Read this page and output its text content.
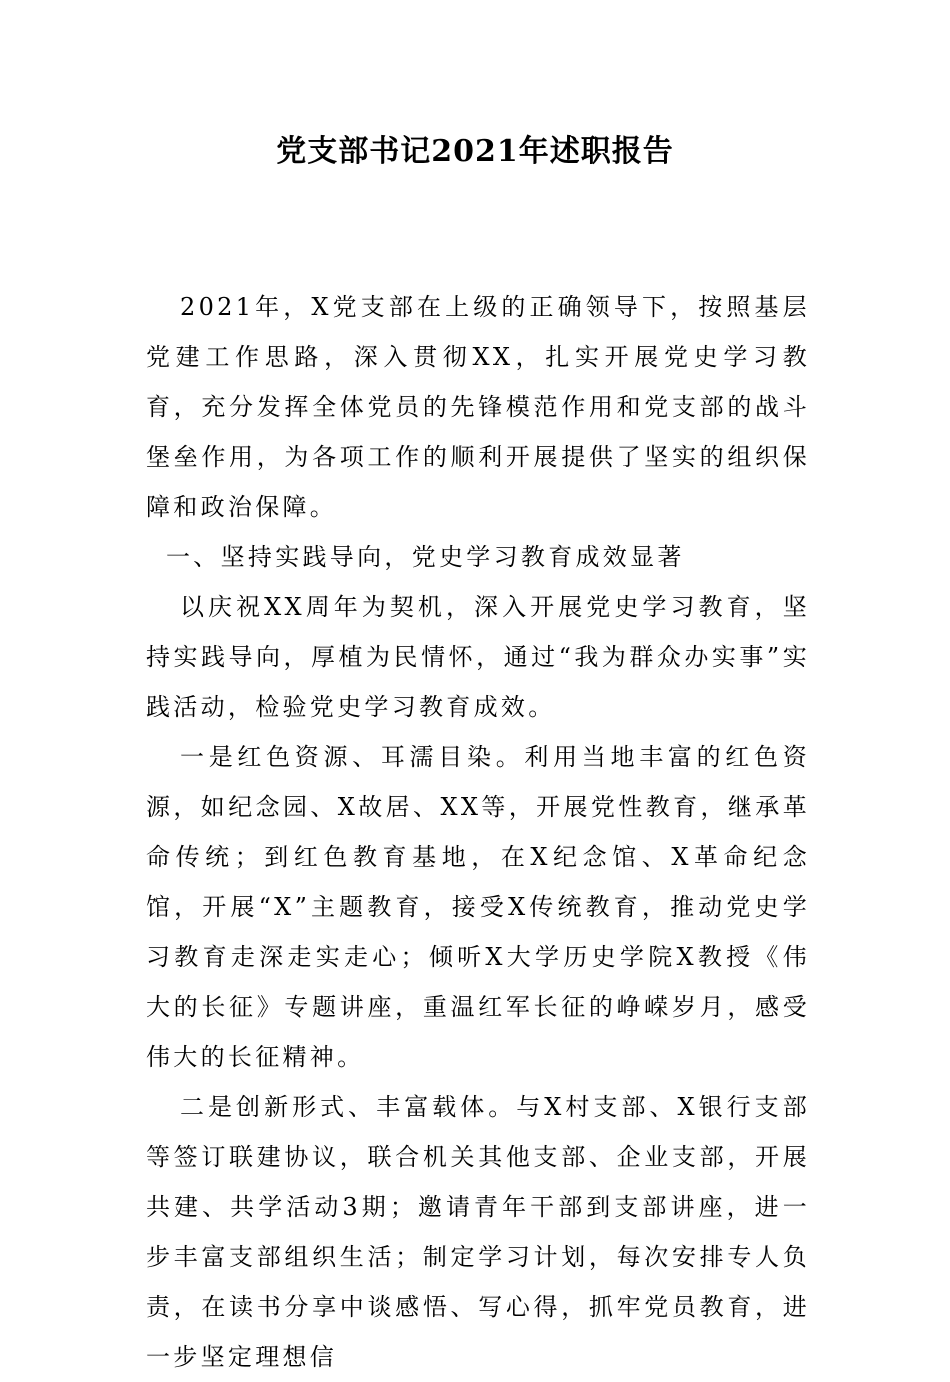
党支部书记2021年述职报告

2021年，X党支部在上级的正确领导下，按照基层党建工作思路，深入贯彻XX，扎实开展党史学习教育，充分发挥全体党员的先锋模范作用和党支部的战斗堡垒作用，为各项工作的顺利开展提供了坚实的组织保障和政治保障。

一、坚持实践导向，党史学习教育成效显著

以庆祝XX周年为契机，深入开展党史学习教育，坚持实践导向，厚植为民情怀，通过“我为群众办实事”实践活动，检验党史学习教育成效。

一是红色资源、耳濡目染。利用当地丰富的红色资源，如纪念园、X故居、XX等，开展党性教育，继承革命传统；到红色教育基地，在X纪念馆、X革命纪念馆，开展“X”主题教育，接受X传统教育，推动党史学习教育走深走实走心；倾听X大学历史学院X教授《伟大的长征》专题讲座，重温红军长征的峥嵘岁月，感受伟大的长征精神。

二是创新形式、丰富载体。与X村支部、X银行支部等签订联建协议，联合机关其他支部、企业支部，开展共建、共学活动3期；邀请青年干部到支部讲座，进一步丰富支部组织生活；制定学习计划，每次安排专人负责，在读书分享中谈感悟、写心得，抓牢党员教育，进一步坚定理想信
